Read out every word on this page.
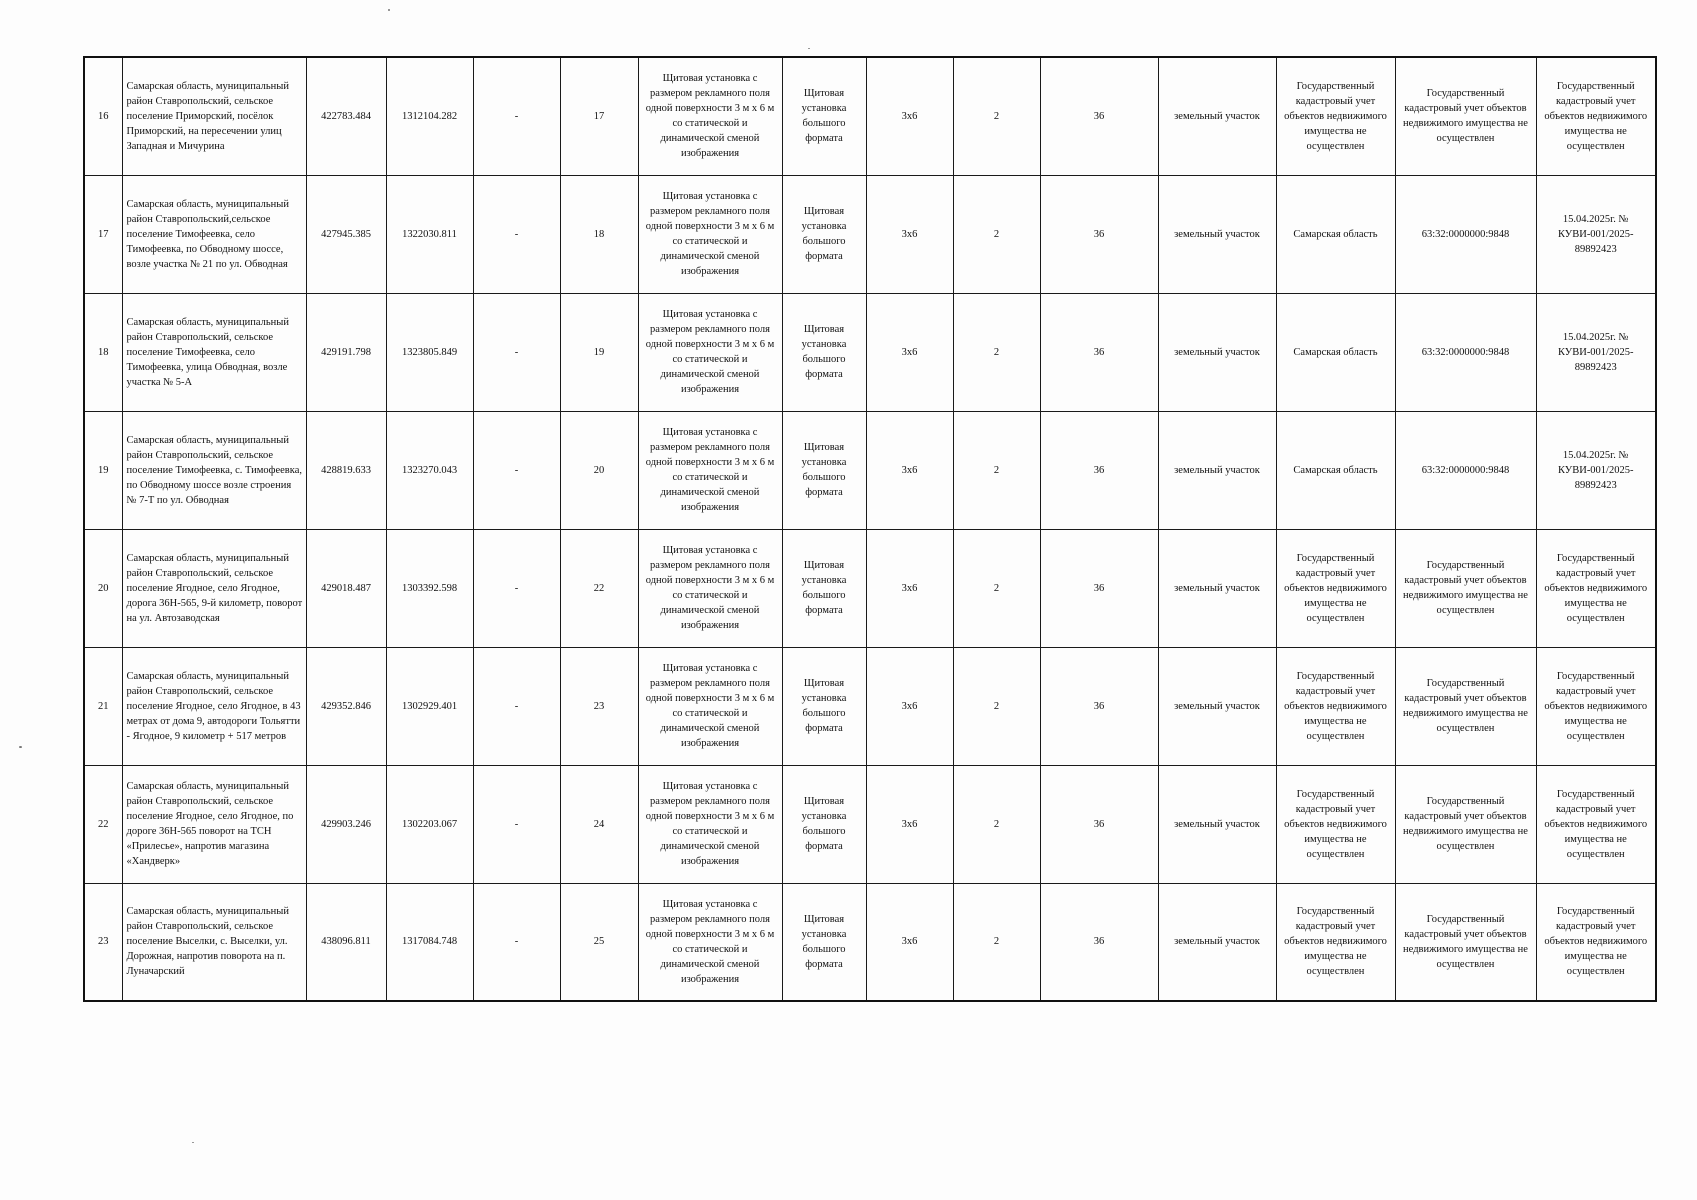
16	Самарская область, муниципальный район Ставропольский, сельское поселение Приморский, посёлок Приморский, на пересечении улиц Западная и Мичурина	422783.484	1312104.282	-	17	Щитовая установка с размером рекламного поля одной поверхности 3 м х 6 м со статической и динамической сменой изображения	Щитовая установка большого формата	3х6	2	36	земельный участок	Государственный кадастровый учет объектов недвижимого имущества не осуществлен	Государственный кадастровый учет объектов недвижимого имущества не осуществлен	Государственный кадастровый учет объектов недвижимого имущества не осуществлен
17	Самарская область, муниципальный район Ставропольский,сельское поселение Тимофеевка, село Тимофеевка, по Обводному шоссе, возле участка № 21 по ул. Обводная	427945.385	1322030.811	-	18	Щитовая установка с размером рекламного поля одной поверхности 3 м х 6 м со статической и динамической сменой изображения	Щитовая установка большого формата	3х6	2	36	земельный участок	Самарская область	63:32:0000000:9848	15.04.2025г. № КУВИ-001/2025-89892423
18	Самарская область, муниципальный район Ставропольский, сельское поселение Тимофеевка, село Тимофеевка, улица Обводная, возле участка № 5-А	429191.798	1323805.849	-	19	Щитовая установка с размером рекламного поля одной поверхности 3 м х 6 м со статической и динамической сменой изображения	Щитовая установка большого формата	3х6	2	36	земельный участок	Самарская область	63:32:0000000:9848	15.04.2025г. № КУВИ-001/2025-89892423
19	Самарская область, муниципальный район Ставропольский, сельское поселение Тимофеевка, с. Тимофеевка, по Обводному шоссе возле строения № 7-Т по ул. Обводная	428819.633	1323270.043	-	20	Щитовая установка с размером рекламного поля одной поверхности 3 м х 6 м со статической и динамической сменой изображения	Щитовая установка большого формата	3х6	2	36	земельный участок	Самарская область	63:32:0000000:9848	15.04.2025г. № КУВИ-001/2025-89892423
20	Самарская область, муниципальный район Ставропольский, сельское поселение Ягодное, село Ягодное, дорога 36Н-565, 9-й километр, поворот на ул. Автозаводская	429018.487	1303392.598	-	22	Щитовая установка с размером рекламного поля одной поверхности 3 м х 6 м со статической и динамической сменой изображения	Щитовая установка большого формата	3х6	2	36	земельный участок	Государственный кадастровый учет объектов недвижимого имущества не осуществлен	Государственный кадастровый учет объектов недвижимого имущества не осуществлен	Государственный кадастровый учет объектов недвижимого имущества не осуществлен
21	Самарская область, муниципальный район Ставропольский, сельское поселение Ягодное, село Ягодное, в 43 метрах от дома 9, автодороги Тольятти - Ягодное, 9 километр + 517 метров	429352.846	1302929.401	-	23	Щитовая установка с размером рекламного поля одной поверхности 3 м х 6 м со статической и динамической сменой изображения	Щитовая установка большого формата	3х6	2	36	земельный участок	Государственный кадастровый учет объектов недвижимого имущества не осуществлен	Государственный кадастровый учет объектов недвижимого имущества не осуществлен	Государственный кадастровый учет объектов недвижимого имущества не осуществлен
22	Самарская область, муниципальный район Ставропольский, сельское поселение Ягодное, село Ягодное, по дороге 36Н-565 поворот на ТСН «Прилесье», напротив магазина «Хандверк»	429903.246	1302203.067	-	24	Щитовая установка с размером рекламного поля одной поверхности 3 м х 6 м со статической и динамической сменой изображения	Щитовая установка большого формата	3х6	2	36	земельный участок	Государственный кадастровый учет объектов недвижимого имущества не осуществлен	Государственный кадастровый учет объектов недвижимого имущества не осуществлен	Государственный кадастровый учет объектов недвижимого имущества не осуществлен
23	Самарская область, муниципальный район Ставропольский, сельское поселение Выселки, с. Выселки, ул. Дорожная, напротив поворота на п. Луначарский	438096.811	1317084.748	-	25	Щитовая установка с размером рекламного поля одной поверхности 3 м х 6 м со статической и динамической сменой изображения	Щитовая установка большого формата	3х6	2	36	земельный участок	Государственный кадастровый учет объектов недвижимого имущества не осуществлен	Государственный кадастровый учет объектов недвижимого имущества не осуществлен	Государственный кадастровый учет объектов недвижимого имущества не осуществлен
